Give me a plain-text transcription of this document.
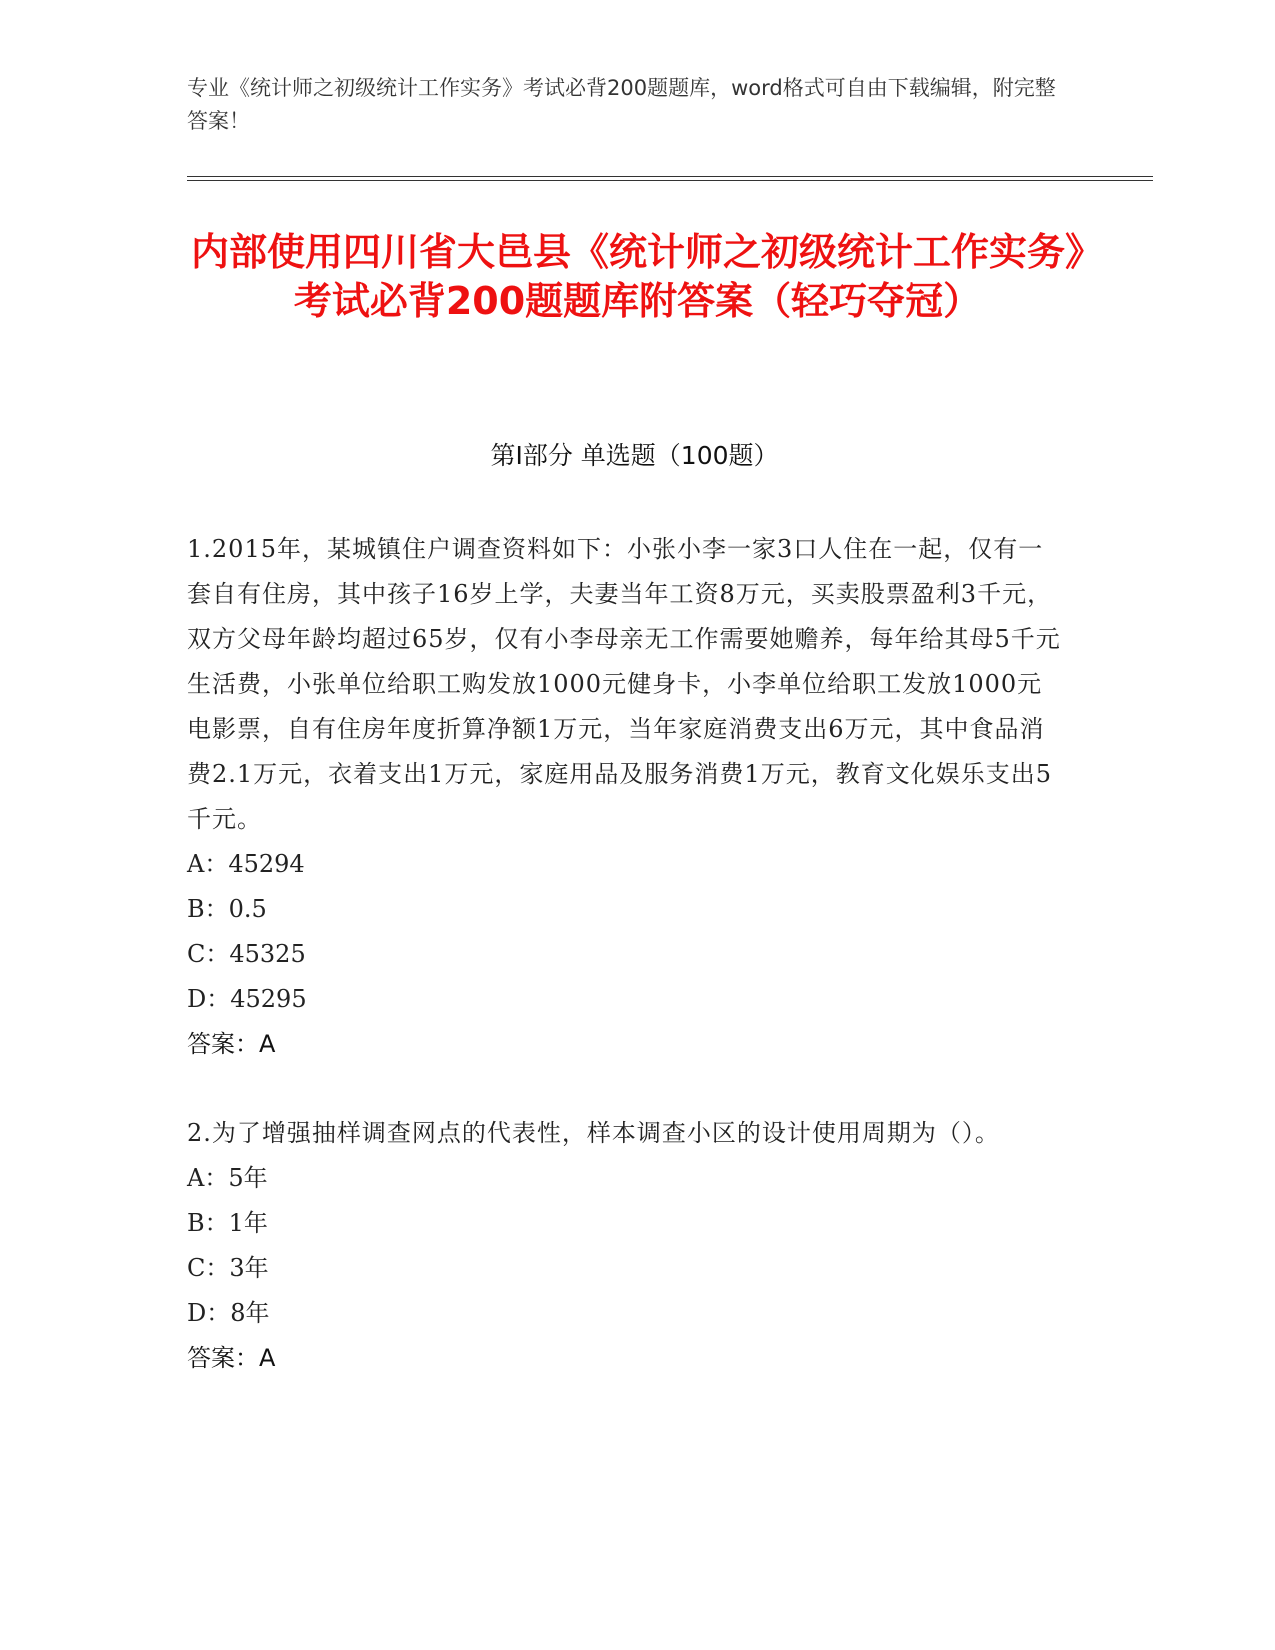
专业《统计师之初级统计工作实务》考试必背200题题库，word格式可自由下载编辑，附完整答案！
内部使用四川省大邑县《统计师之初级统计工作实务》考试必背200题题库附答案（轻巧夺冠）
第Ⅰ部分 单选题（100题）
1.2015年，某城镇住户调查资料如下：小张小李一家3口人住在一起，仅有一套自有住房，其中孩子16岁上学，夫妻当年工资8万元，买卖股票盈利3千元，双方父母年龄均超过65岁，仅有小李母亲无工作需要她赡养，每年给其母5千元生活费，小张单位给职工购发放1000元健身卡，小李单位给职工发放1000元电影票，自有住房年度折算净额1万元，当年家庭消费支出6万元，其中食品消费2.1万元，衣着支出1万元，家庭用品及服务消费1万元，教育文化娱乐支出5千元。
A：45294
B：0.5
C：45325
D：45295
答案：A
2.为了增强抽样调查网点的代表性，样本调查小区的设计使用周期为（）。
A：5年
B：1年
C：3年
D：8年
答案：A
